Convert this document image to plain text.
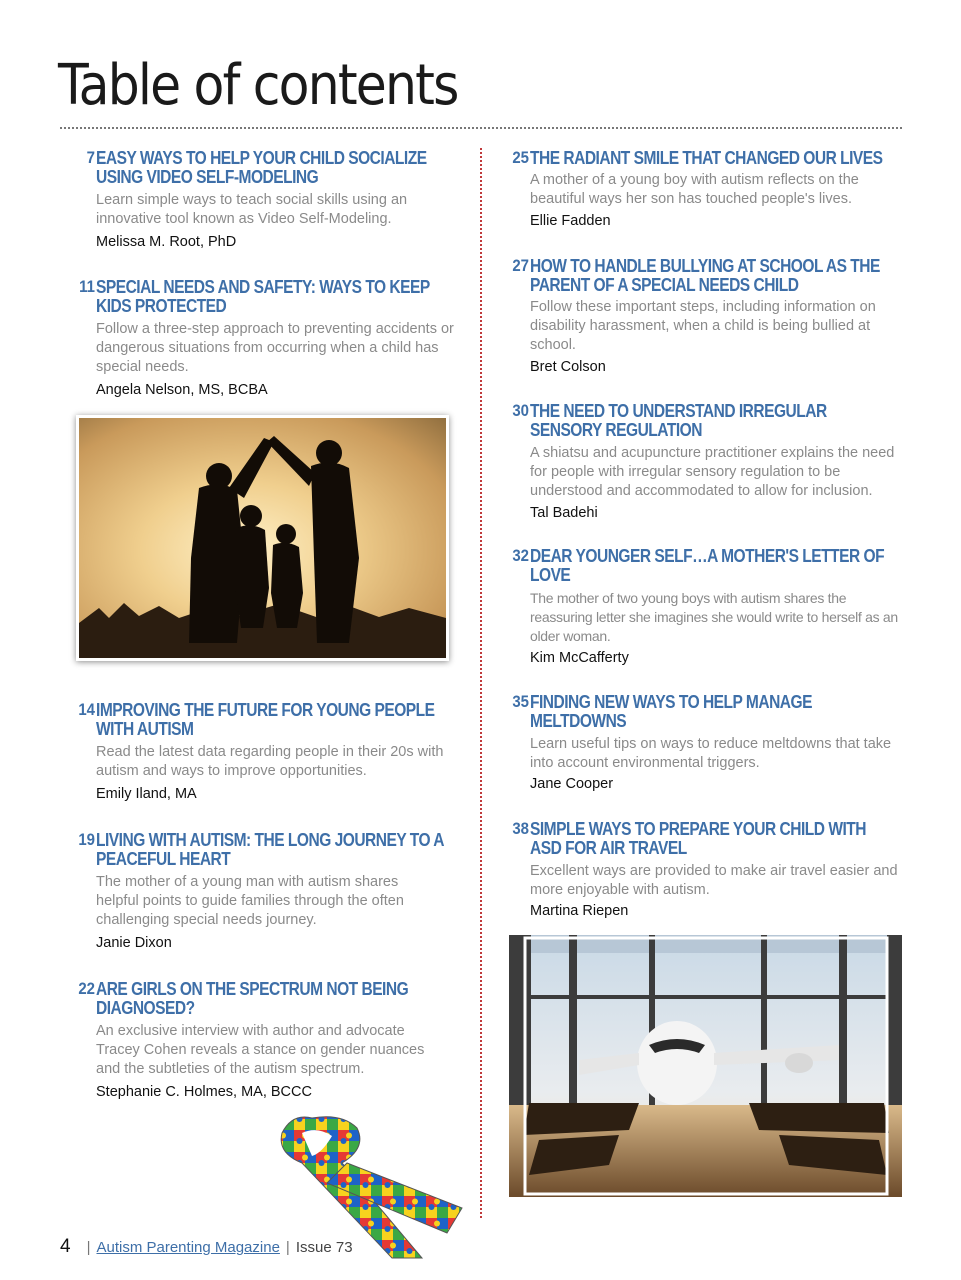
Table of contents
7 EASY WAYS TO HELP YOUR CHILD SOCIALIZE USING VIDEO SELF-MODELING

Learn simple ways to teach social skills using an innovative tool known as Video Self-Modeling.

Melissa M. Root, PhD
11 SPECIAL NEEDS AND SAFETY: WAYS TO KEEP KIDS PROTECTED

Follow a three-step approach to preventing accidents or dangerous situations from occurring when a child has special needs.

Angela Nelson, MS, BCBA
14 IMPROVING THE FUTURE FOR YOUNG PEOPLE WITH AUTISM

Read the latest data regarding people in their 20s with autism and ways to improve opportunities.

Emily Iland, MA
19 LIVING WITH AUTISM: THE LONG JOURNEY TO A PEACEFUL HEART

The mother of a young man with autism shares helpful points to guide families through the often challenging special needs journey.

Janie Dixon
22 ARE GIRLS ON THE SPECTRUM NOT BEING DIAGNOSED?

An exclusive interview with author and advocate Tracey Cohen reveals a stance on gender nuances and the subtleties of the autism spectrum.

Stephanie C. Holmes, MA, BCCC
25 THE RADIANT SMILE THAT CHANGED OUR LIVES

A mother of a young boy with autism reflects on the beautiful ways her son has touched people's lives.

Ellie Fadden
27 HOW TO HANDLE BULLYING AT SCHOOL AS THE PARENT OF A SPECIAL NEEDS CHILD

Follow these important steps, including information on disability harassment, when a child is being bullied at school.

Bret Colson
30 THE NEED TO UNDERSTAND IRREGULAR SENSORY REGULATION

A shiatsu and acupuncture practitioner explains the need for people with irregular sensory regulation to be understood and accommodated to allow for inclusion.

Tal Badehi
32 DEAR YOUNGER SELF…A MOTHER'S LETTER OF LOVE

The mother of two young boys with autism shares the reassuring letter she imagines she would write to herself as an older woman.

Kim McCafferty
35 FINDING NEW WAYS TO HELP MANAGE MELTDOWNS

Learn useful tips on ways to reduce meltdowns that take into account environmental triggers.

Jane Cooper
38 SIMPLE WAYS TO PREPARE YOUR CHILD WITH ASD FOR AIR TRAVEL

Excellent ways are provided to make air travel easier and more enjoyable with autism.

Martina Riepen
4 | Autism Parenting Magazine | Issue 73
